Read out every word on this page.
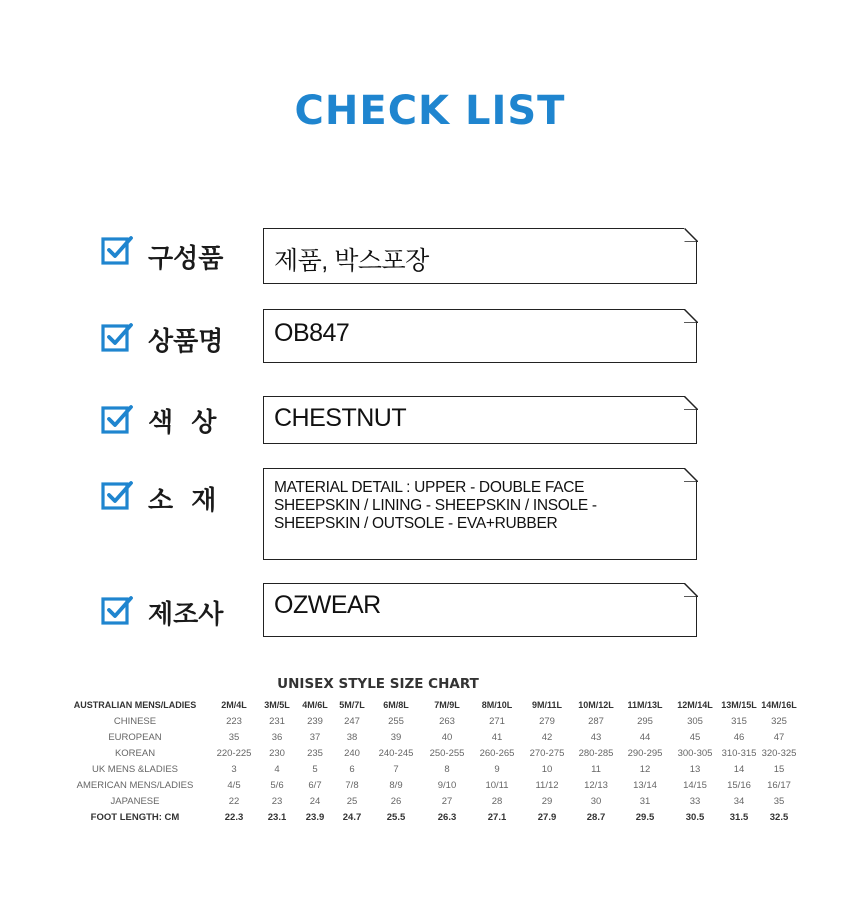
CHECK LIST
구성품 제품, 박스포장
상품명 OB847
색  상 CHESTNUT
소  재	MATERIAL DETAIL : UPPER - DOUBLE FACE
SHEEPSKIN / LINING - SHEEPSKIN / INSOLE -
SHEEPSKIN / OUTSOLE - EVA+RUBBER
제조사 OZWEAR
UNISEX STYLE SIZE CHART
AUSTRALIAN MENS/LADIES	2M/4L	3M/5L	4M/6L	5M/7L	6M/8L	7M/9L	8M/10L	9M/11L	10M/12L	11M/13L	12M/14L	13M/15L	14M/16L
CHINESE	223	231	239	247	255	263	271	279	287	295	305	315	325
EUROPEAN	35	36	37	38	39	40	41	42	43	44	45	46	47
KOREAN	220-225	230	235	240	240-245	250-255	260-265	270-275	280-285	290-295	300-305	310-315	320-325
UK MENS &LADIES	3	4	5	6	7	8	9	10	11	12	13	14	15
AMERICAN MENS/LADIES	4/5	5/6	6/7	7/8	8/9	9/10	10/11	11/12	12/13	13/14	14/15	15/16	16/17
JAPANESE	22	23	24	25	26	27	28	29	30	31	33	34	35
FOOT LENGTH: CM	22.3	23.1	23.9	24.7	25.5	26.3	27.1	27.9	28.7	29.5	30.5	31.5	32.5
